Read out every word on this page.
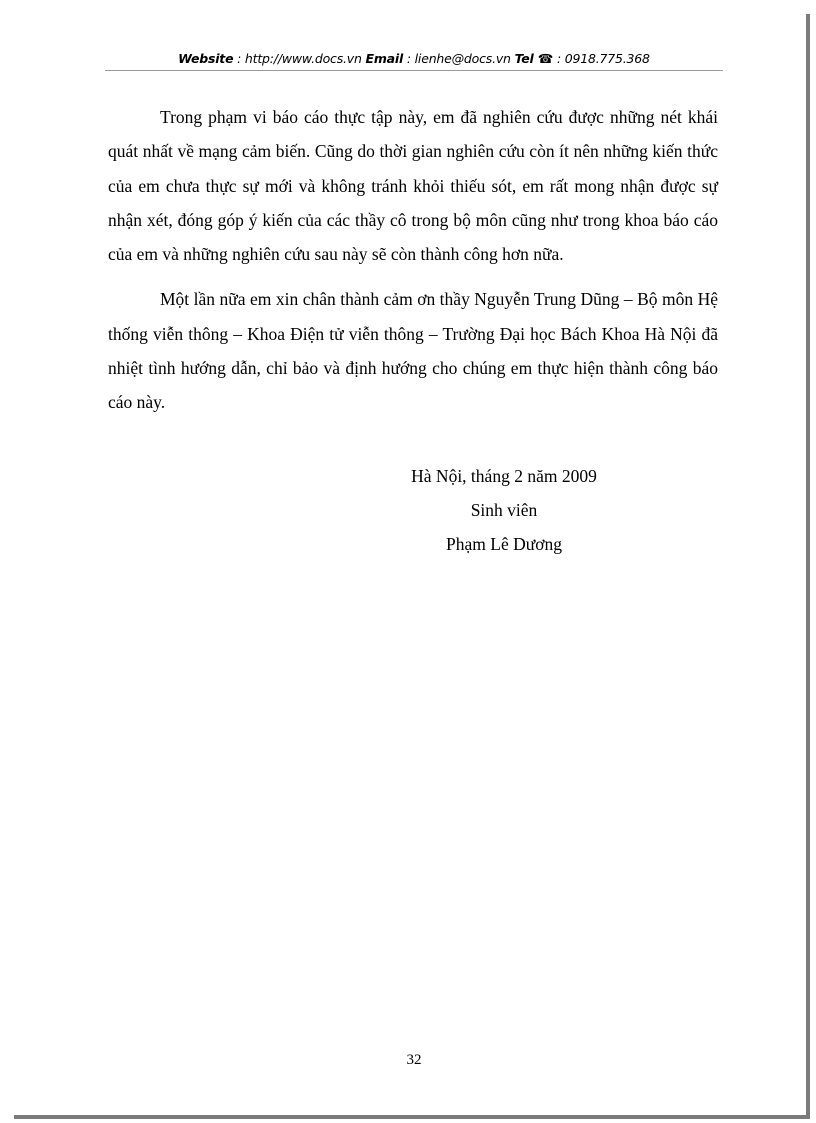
Website : http://www.docs.vn Email : lienhe@docs.vn Tel ☎ : 0918.775.368

Trong phạm vi báo cáo thực tập này, em đã nghiên cứu được những nét khái quát nhất về mạng cảm biến. Cũng do thời gian nghiên cứu còn ít nên những kiến thức của em chưa thực sự mới và không tránh khỏi thiếu sót, em rất mong nhận được sự nhận xét, đóng góp ý kiến của các thầy cô trong bộ môn cũng như trong khoa báo cáo của em và những nghiên cứu sau này sẽ còn thành công hơn nữa.

Một lần nữa em xin chân thành cảm ơn thầy Nguyễn Trung Dũng – Bộ môn Hệ thống viễn thông – Khoa Điện tử viễn thông – Trường Đại học Bách Khoa Hà Nội đã nhiệt tình hướng dẫn, chỉ bảo và định hướng cho chúng em thực hiện thành công báo cáo này.

Hà Nội, tháng 2 năm 2009
Sinh viên
Phạm Lê Dương
32
